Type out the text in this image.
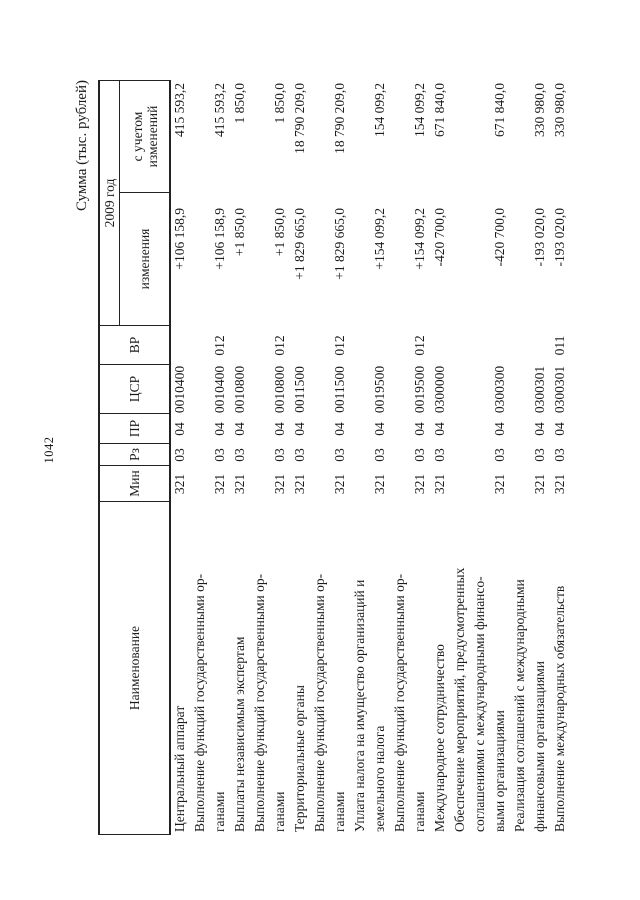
1042
Сумма (тыс. рублей)
Наименование
Мин
Рз
ПР
ЦСР
ВР
2009 год
изменения
с учетом изменений
Центральный аппарат
321
03
04
0010400
+106 158,9
415 593,2
Выполнение функций государственными ор- ганами
321
03
04
0010400
012
+106 158,9
415 593,2
Выплаты независимым экспертам
321
03
04
0010800
+1 850,0
1 850,0
Выполнение функций государственными ор- ганами
321
03
04
0010800
012
+1 850,0
1 850,0
Территориальные органы
321
03
04
0011500
+1 829 665,0
18 790 209,0
Выполнение функций государственными ор- ганами
321
03
04
0011500
012
+1 829 665,0
18 790 209,0
Уплата налога на имущество организаций и земельного налога
321
03
04
0019500
+154 099,2
154 099,2
Выполнение функций государственными ор- ганами
321
03
04
0019500
012
+154 099,2
154 099,2
Международное сотрудничество
321
03
04
0300000
-420 700,0
671 840,0
Обеспечение мероприятий, предусмотренных соглашениями с международными финансо- выми организациями
321
03
04
0300300
-420 700,0
671 840,0
Реализация соглашений с международными финансовыми организациями
321
03
04
0300301
-193 020,0
330 980,0
Выполнение международных обязательств
321
03
04
0300301
011
-193 020,0
330 980,0
